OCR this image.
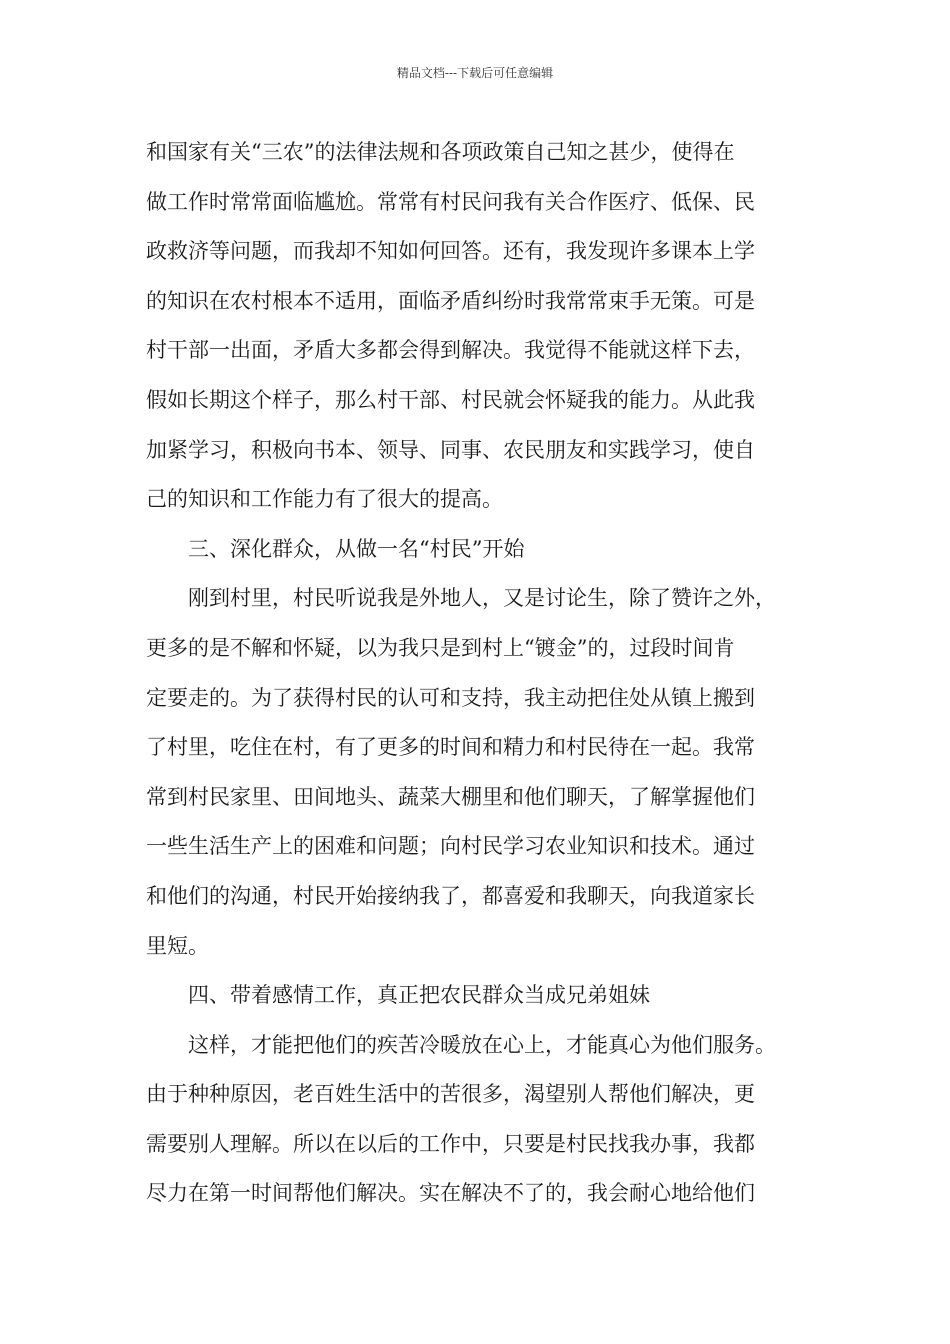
精品文档---下载后可任意编辑
和国家有关“三农”的法律法规和各项政策自己知之甚少，使得在
做工作时常常面临尴尬。常常有村民问我有关合作医疗、低保、民
政救济等问题，而我却不知如何回答。还有，我发现许多课本上学
的知识在农村根本不适用，面临矛盾纠纷时我常常束手无策。可是
村干部一出面，矛盾大多都会得到解决。我觉得不能就这样下去，
假如长期这个样子，那么村干部、村民就会怀疑我的能力。从此我
加紧学习，积极向书本、领导、同事、农民朋友和实践学习，使自
己的知识和工作能力有了很大的提高。
三、深化群众，从做一名“村民”开始
刚到村里，村民听说我是外地人，又是讨论生，除了赞许之外，
更多的是不解和怀疑，以为我只是到村上“镀金”的，过段时间肯
定要走的。为了获得村民的认可和支持，我主动把住处从镇上搬到
了村里，吃住在村，有了更多的时间和精力和村民待在一起。我常
常到村民家里、田间地头、蔬菜大棚里和他们聊天，了解掌握他们
一些生活生产上的困难和问题；向村民学习农业知识和技术。通过
和他们的沟通，村民开始接纳我了，都喜爱和我聊天，向我道家长
里短。
四、带着感情工作，真正把农民群众当成兄弟姐妹
这样，才能把他们的疾苦冷暖放在心上，才能真心为他们服务。
由于种种原因，老百姓生活中的苦很多，渴望别人帮他们解决，更
需要别人理解。所以在以后的工作中，只要是村民找我办事，我都
尽力在第一时间帮他们解决。实在解决不了的，我会耐心地给他们
